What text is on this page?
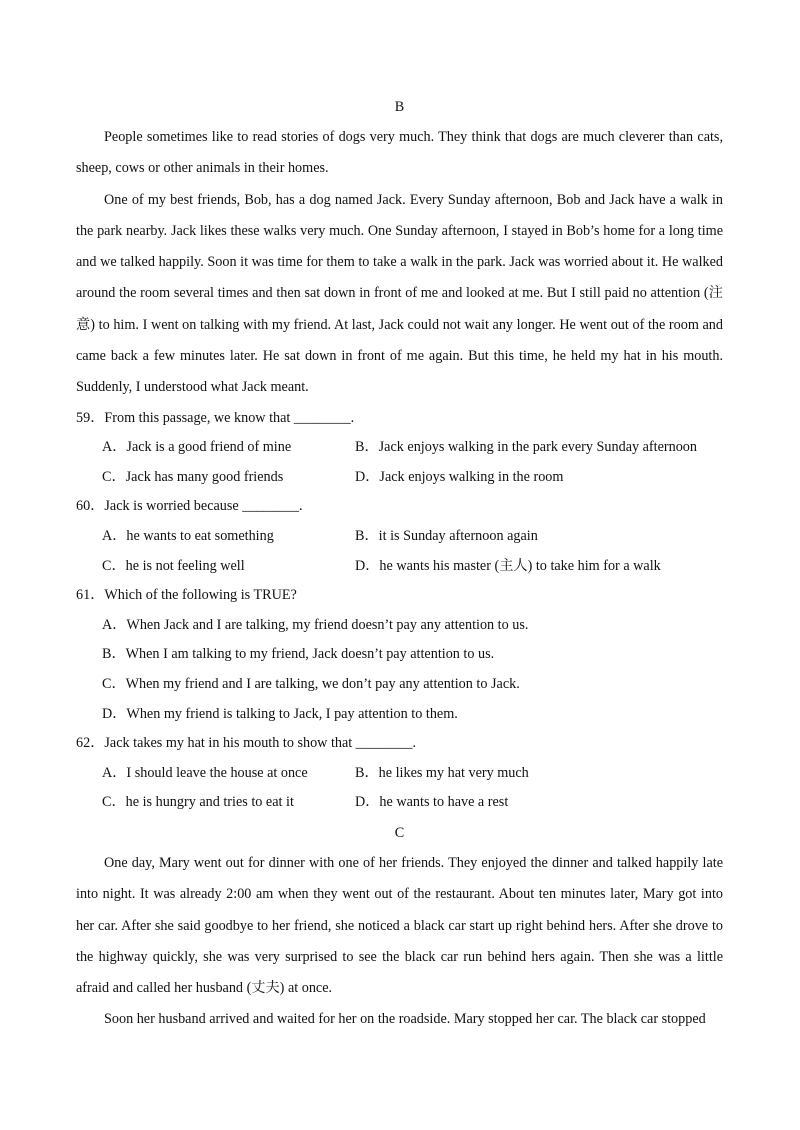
B

People sometimes like to read stories of dogs very much. They think that dogs are much cleverer than cats, sheep, cows or other animals in their homes.

One of my best friends, Bob, has a dog named Jack. Every Sunday afternoon, Bob and Jack have a walk in the park nearby. Jack likes these walks very much. One Sunday afternoon, I stayed in Bob’s home for a long time and we talked happily. Soon it was time for them to take a walk in the park. Jack was worried about it. He walked around the room several times and then sat down in front of me and looked at me. But I still paid no attention (注意) to him. I went on talking with my friend. At last, Jack could not wait any longer. He went out of the room and came back a few minutes later. He sat down in front of me again. But this time, he held my hat in his mouth. Suddenly, I understood what Jack meant.

59．From this passage, we know that ________.
A．Jack is a good friend of mine	B．Jack enjoys walking in the park every Sunday afternoon
C．Jack has many good friends	D．Jack enjoys walking in the room
60．Jack is worried because ________.
A．he wants to eat something	B．it is Sunday afternoon again
C．he is not feeling well	D．he wants his master (主人) to take him for a walk
61．Which of the following is TRUE?
A．When Jack and I are talking, my friend doesn’t pay any attention to us.
B．When I am talking to my friend, Jack doesn’t pay attention to us.
C．When my friend and I are talking, we don’t pay any attention to Jack.
D．When my friend is talking to Jack, I pay attention to them.
62．Jack takes my hat in his mouth to show that ________.
A．I should leave the house at once	B．he likes my hat very much
C．he is hungry and tries to eat it	D．he wants to have a rest
C

One day, Mary went out for dinner with one of her friends. They enjoyed the dinner and talked happily late into night. It was already 2:00 am when they went out of the restaurant. About ten minutes later, Mary got into her car. After she said goodbye to her friend, she noticed a black car start up right behind hers. After she drove to the highway quickly, she was very surprised to see the black car run behind hers again. Then she was a little afraid and called her husband (丈夫) at once.

Soon her husband arrived and waited for her on the roadside. Mary stopped her car. The black car stopped
